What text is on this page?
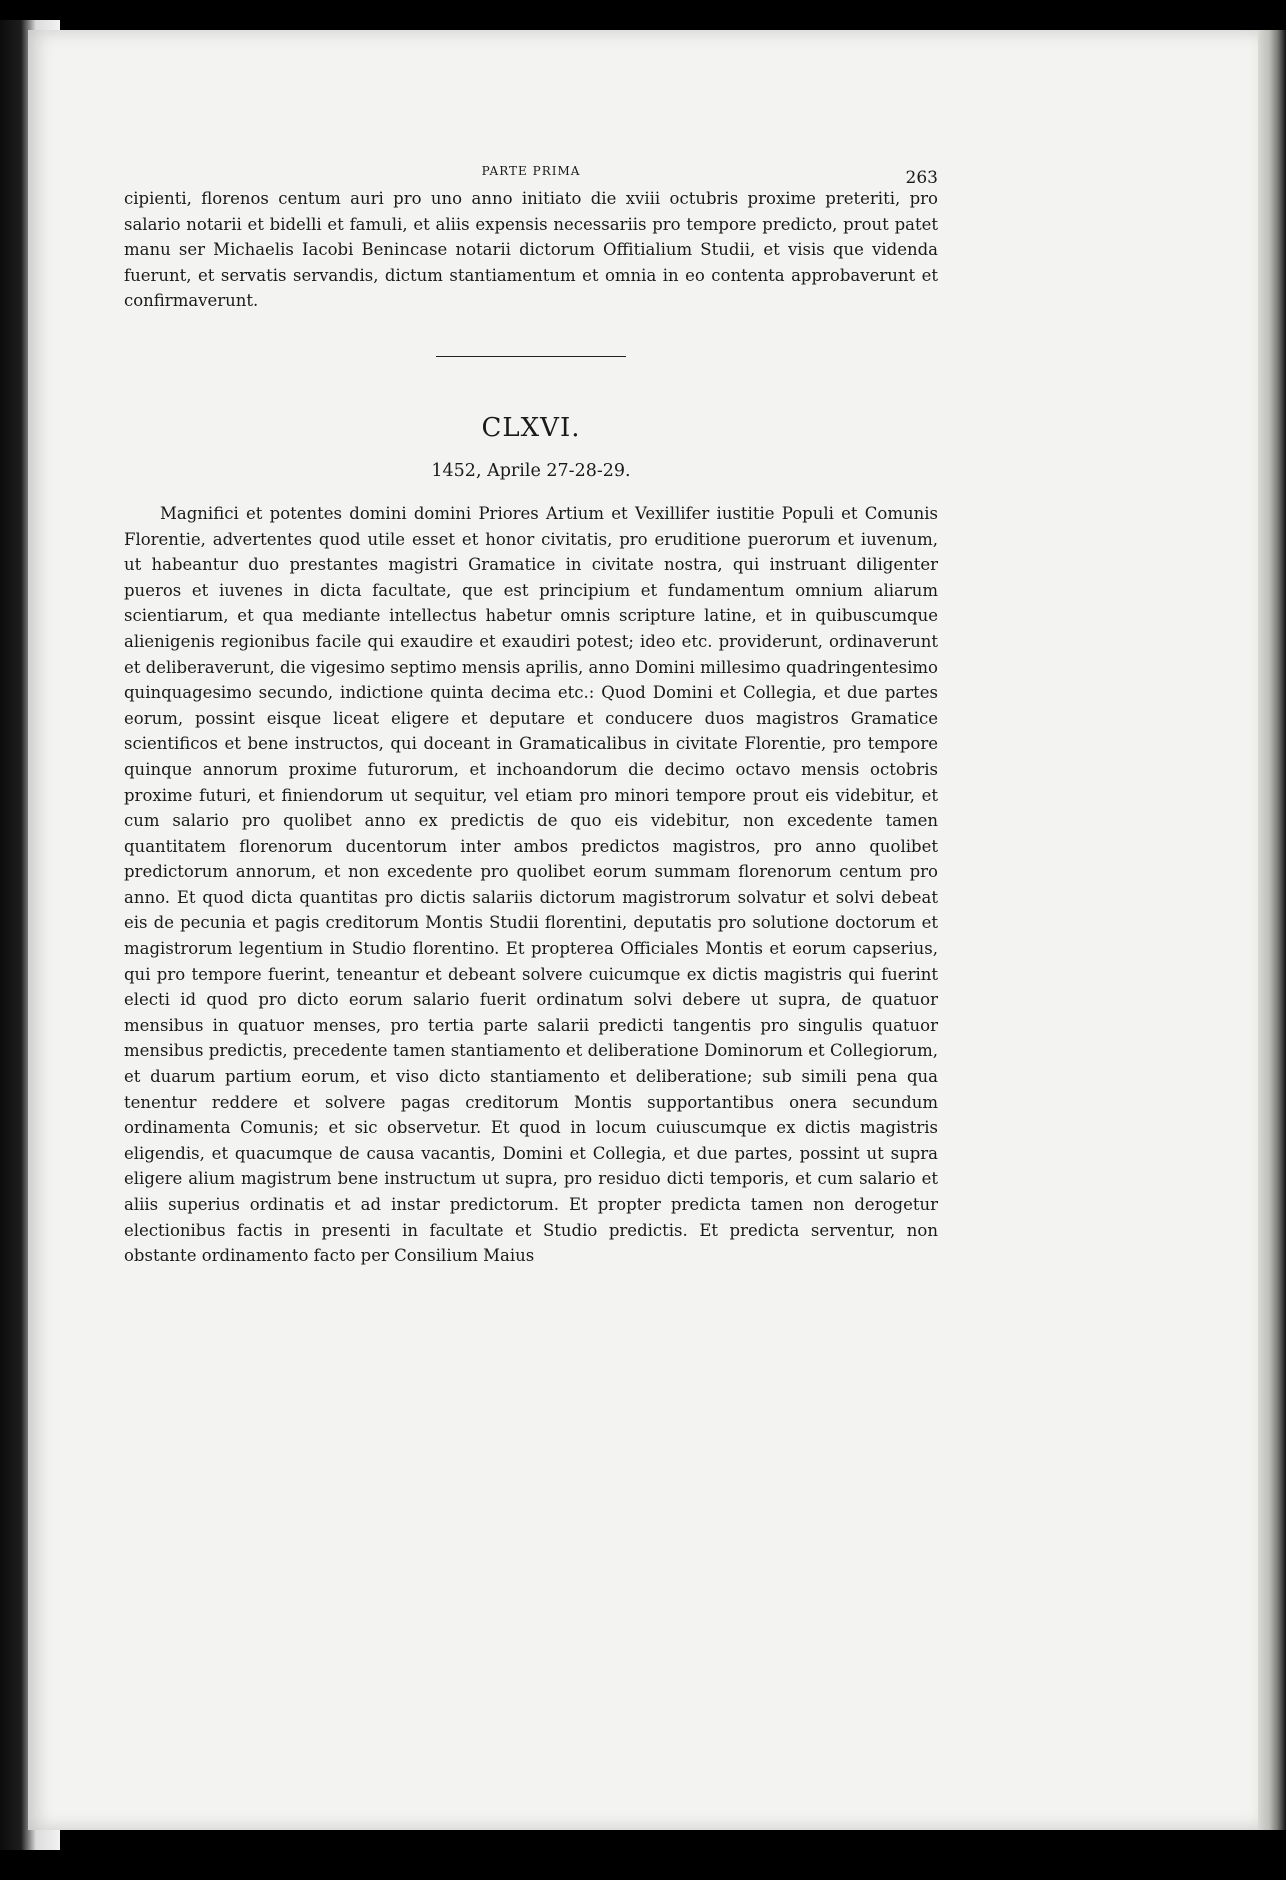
PARTE PRIMA	263

cipienti, florenos centum auri pro uno anno initiato die xviii octubris proxime preteriti, pro salario notarii et bidelli et famuli, et aliis expensis necessariis pro tempore predicto, prout patet manu ser Michaelis Iacobi Benincase notarii dictorum Offitialium Studii, et visis que videnda fuerunt, et servatis servandis, dictum stantiamentum et omnia in eo contenta approbaverunt et confirmaverunt.

CLXVI.
1452, Aprile 27-28-29.

Magnifici et potentes domini domini Priores Artium et Vexillifer iustitie Populi et Comunis Florentie, advertentes quod utile esset et honor civitatis, pro eruditione puerorum et iuvenum, ut habeantur duo prestantes magistri Gramatice in civitate nostra, qui instruant diligenter pueros et iuvenes in dicta facultate, que est principium et fundamentum omnium aliarum scientiarum, et qua mediante intellectus habetur omnis scripture latine, et in quibuscumque alienigenis regionibus facile qui exaudire et exaudiri potest; ideo etc. providerunt, ordinaverunt et deliberaverunt, die vigesimo septimo mensis aprilis, anno Domini millesimo quadringentesimo quinquagesimo secundo, indictione quinta decima etc.: Quod Domini et Collegia, et due partes eorum, possint eisque liceat eligere et deputare et conducere duos magistros Gramatice scientificos et bene instructos, qui doceant in Gramaticalibus in civitate Florentie, pro tempore quinque annorum proxime futurorum, et inchoandorum die decimo octavo mensis octobris proxime futuri, et finiendorum ut sequitur, vel etiam pro minori tempore prout eis videbitur, et cum salario pro quolibet anno ex predictis de quo eis videbitur, non excedente tamen quantitatem florenorum ducentorum inter ambos predictos magistros, pro anno quolibet predictorum annorum, et non excedente pro quolibet eorum summam florenorum centum pro anno. Et quod dicta quantitas pro dictis salariis dictorum magistrorum solvatur et solvi debeat eis de pecunia et pagis creditorum Montis Studii florentini, deputatis pro solutione doctorum et magistrorum legentium in Studio florentino. Et propterea Officiales Montis et eorum capserius, qui pro tempore fuerint, teneantur et debeant solvere cuicumque ex dictis magistris qui fuerint electi id quod pro dicto eorum salario fuerit ordinatum solvi debere ut supra, de quatuor mensibus in quatuor menses, pro tertia parte salarii predicti tangentis pro singulis quatuor mensibus predictis, precedente tamen stantiamento et deliberatione Dominorum et Collegiorum, et duarum partium eorum, et viso dicto stantiamento et deliberatione; sub simili pena qua tenentur reddere et solvere pagas creditorum Montis supportantibus onera secundum ordinamenta Comunis; et sic observetur. Et quod in locum cuiuscumque ex dictis magistris eligendis, et quacumque de causa vacantis, Domini et Collegia, et due partes, possint ut supra eligere alium magistrum bene instructum ut supra, pro residuo dicti temporis, et cum salario et aliis superius ordinatis et ad instar predictorum. Et propter predicta tamen non derogetur electionibus factis in presenti in facultate et Studio predictis. Et predicta serventur, non obstante ordinamento facto per Consilium Maius
